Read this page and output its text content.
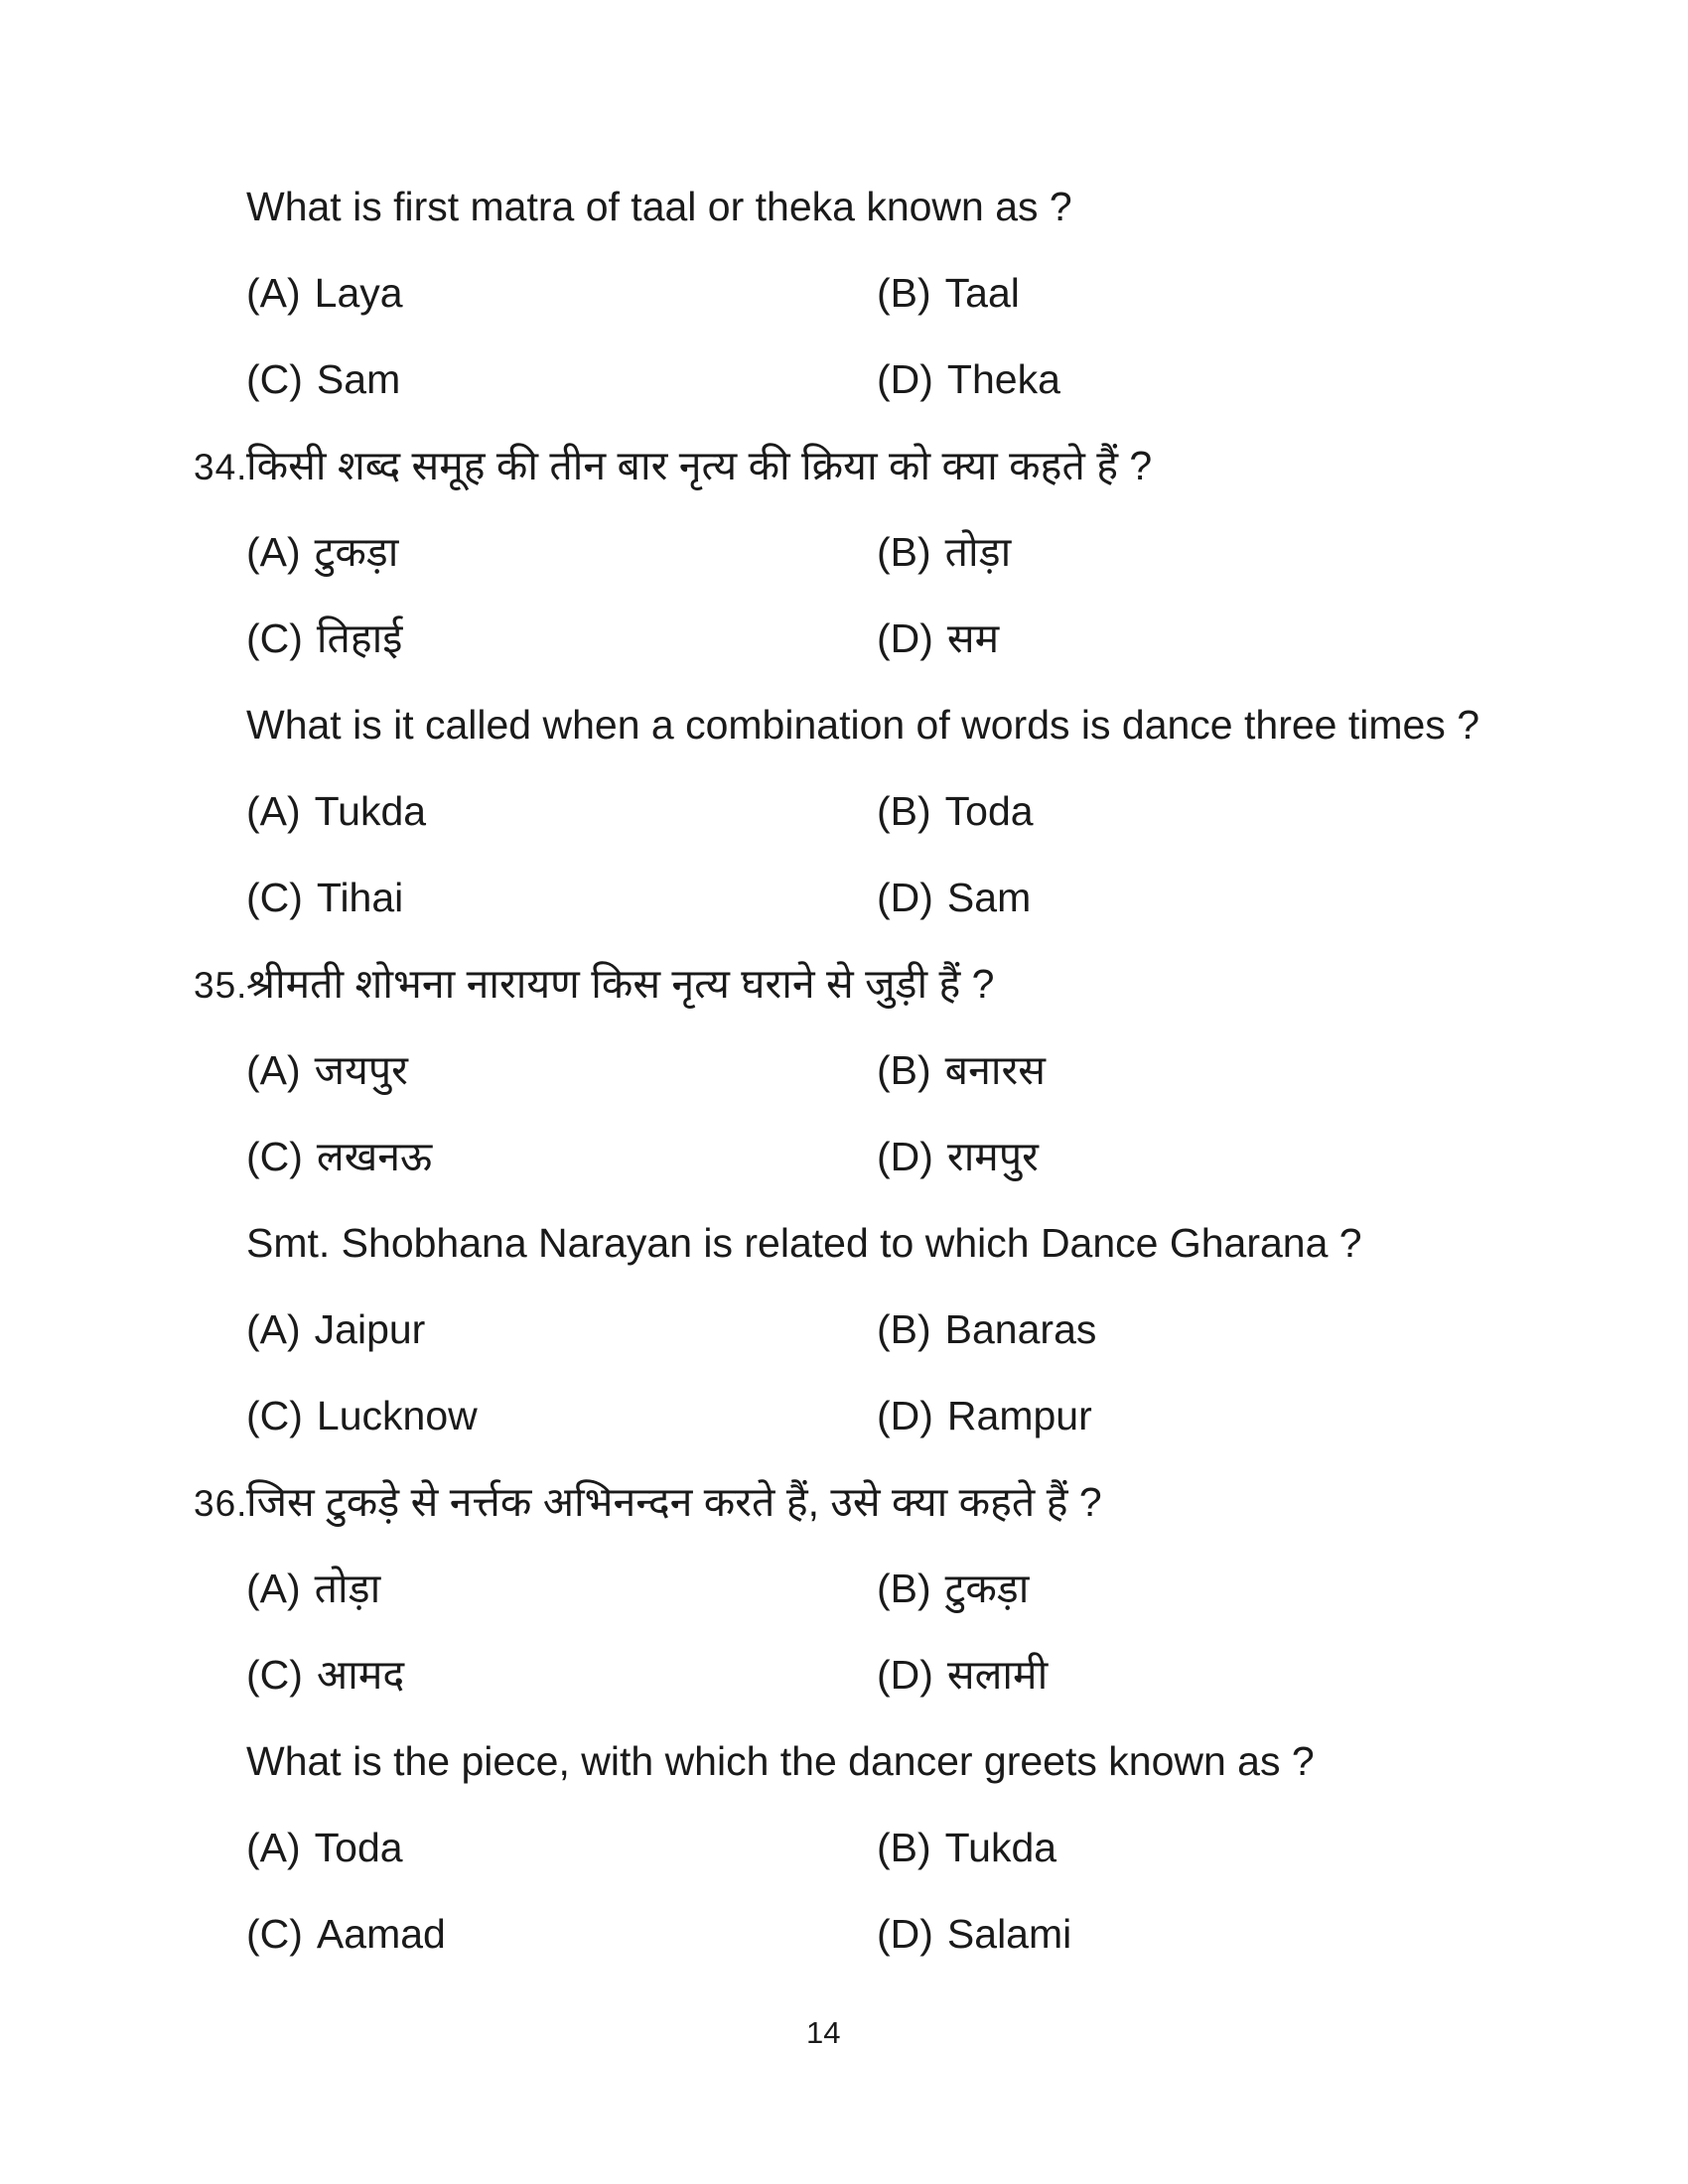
What is first matra of taal or theka known as ?
(A) Laya	(B) Taal
(C) Sam	(D) Theka
34.
किसी शब्द समूह की तीन बार नृत्य की क्रिया को क्या कहते हैं ?
(A) टुकड़ा	(B) तोड़ा
(C) तिहाई	(D) सम
What is it called when a combination of words is dance three times ?
(A) Tukda	(B) Toda
(C) Tihai	(D) Sam
35.
श्रीमती शोभना नारायण किस नृत्य घराने से जुड़ी हैं ?
(A) जयपुर	(B) बनारस
(C) लखनऊ	(D) रामपुर
Smt. Shobhana Narayan is related to which Dance Gharana ?
(A) Jaipur	(B) Banaras
(C) Lucknow	(D) Rampur
36.
जिस टुकड़े से नर्त्तक अभिनन्दन करते हैं, उसे क्या कहते हैं ?
(A) तोड़ा	(B) टुकड़ा
(C) आमद	(D) सलामी
What is the piece, with which the dancer greets known as ?
(A) Toda	(B) Tukda
(C) Aamad	(D) Salami
14
